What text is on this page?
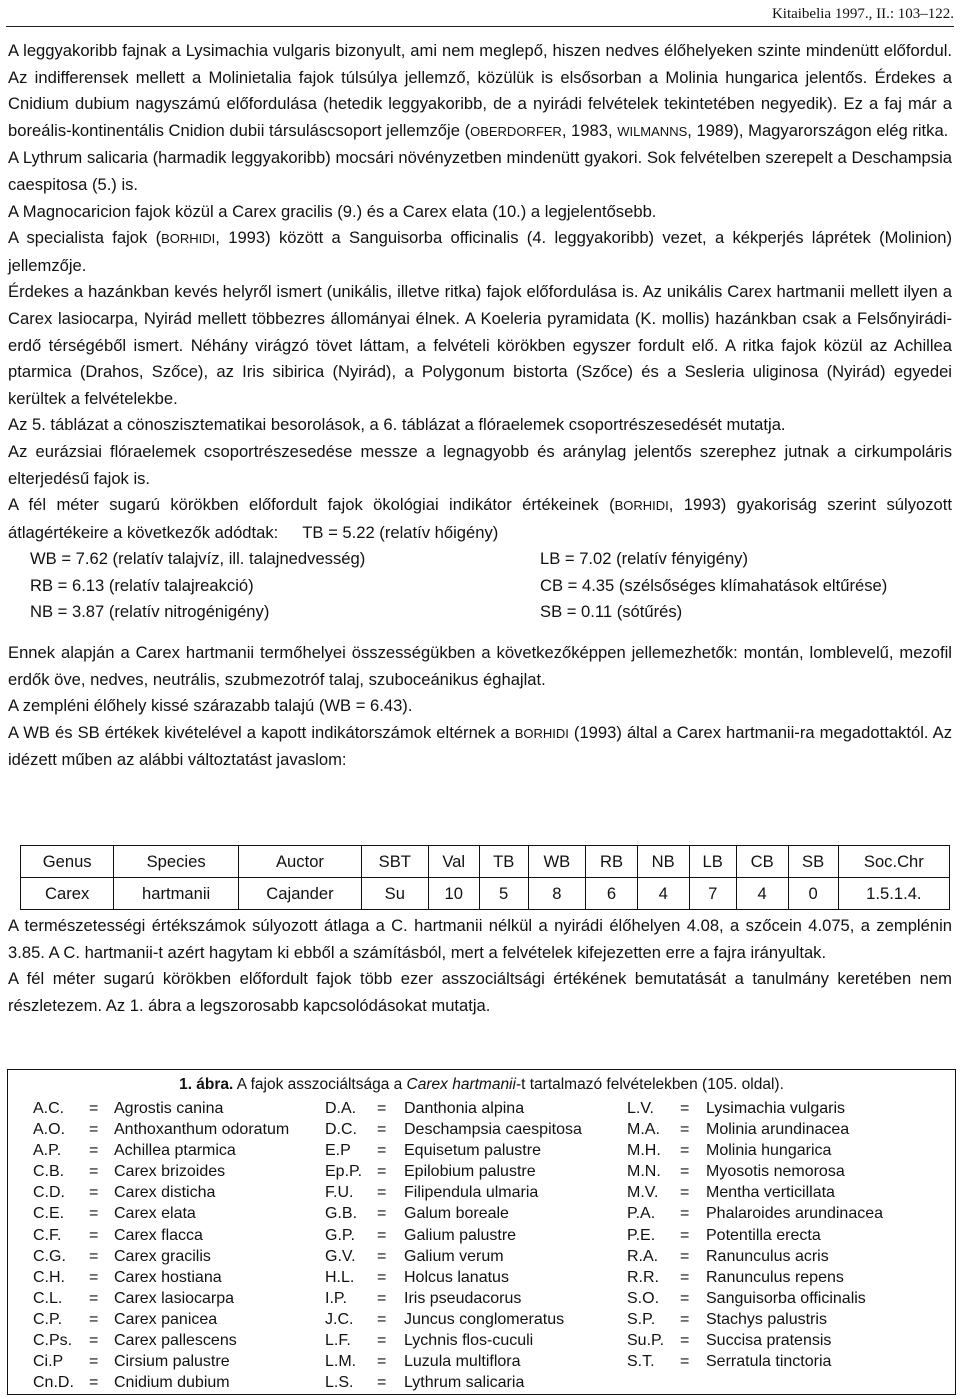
Kitaibelia 1997., II.: 103–122.

A leggyakoribb fajnak a Lysimachia vulgaris bizonyult, ami nem meglepő, hiszen nedves élőhelyeken szinte mindenütt előfordul. Az indifferensek mellett a Molinietalia fajok túlsúlya jellemző, közülük is elsősorban a Molinia hungarica jelentős. Érdekes a Cnidium dubium nagyszámú előfordulása (hetedik leggyakoribb, de a nyirádi felvételek tekintetében negyedik). Ez a faj már a boreális-kontinentális Cnidion dubii társuláscsoport jellemzője (OBERDORFER, 1983, WILMANNS, 1989), Magyarországon elég ritka.

A Lythrum salicaria (harmadik leggyakoribb) mocsári növényzetben mindenütt gyakori. Sok felvételben szerepelt a Deschampsia caespitosa (5.) is.

A Magnocaricion fajok közül a Carex gracilis (9.) és a Carex elata (10.) a legjelentősebb.

A specialista fajok (BORHIDI, 1993) között a Sanguisorba officinalis (4. leggyakoribb) vezet, a kékperjés láprétek (Molinion) jellemzője.

Érdekes a hazánkban kevés helyről ismert (unikális, illetve ritka) fajok előfordulása is. Az unikális Carex hartmanii mellett ilyen a Carex lasiocarpa, Nyirád mellett többezres állományai élnek. A Koeleria pyramidata (K. mollis) hazánkban csak a Felsőnyirádi-erdő térségéből ismert. Néhány virágzó tövet láttam, a felvételi körökben egyszer fordult elő. A ritka fajok közül az Achillea ptarmica (Drahos, Szőce), az Iris sibirica (Nyirád), a Polygonum bistorta (Szőce) és a Sesleria uliginosa (Nyirád) egyedei kerültek a felvételekbe.

Az 5. táblázat a cönoszisztematikai besorolások, a 6. táblázat a flóraelemek csoportrészesedését mutatja.

Az eurázsiai flóraelemek csoportrészesedése messze a legnagyobb és aránylag jelentős szerephez jutnak a cirkumpoláris elterjedésű fajok is.

A fél méter sugarú körökben előfordult fajok ökológiai indikátor értékeinek (BORHIDI, 1993) gyakoriság szerint súlyozott átlagértékeire a következők adódtak: TB = 5.22 (relatív hőigény)

WB = 7.62 (relatív talajvíz, ill. talajnedvesség)	LB = 7.02 (relatív fényigény)
RB = 6.13 (relatív talajreakció)	CB = 4.35 (szélsőséges klímahatások eltűrése)
NB = 3.87 (relatív nitrogénigény)	SB = 0.11 (sótűrés)

Ennek alapján a Carex hartmanii termőhelyei összességükben a következőképpen jellemezhetők: montán, lomblevelű, mezofil erdők öve, nedves, neutrális, szubmezotróf talaj, szuboceánikus éghajlat.

A zempléni élőhely kissé szárazabb talajú (WB = 6.43).

A WB és SB értékek kivételével a kapott indikátorszámok eltérnek a BORHIDI (1993) által a Carex hartmanii-ra megadottaktól. Az idézett műben az alábbi változtatást javaslom:

Genus	Species	Auctor	SBT	Val	TB	WB	RB	NB	LB	CB	SB	Soc.Chr
Carex	hartmanii	Cajander	Su	10	5	8	6	4	7	4	0	1.5.1.4.

A természetességi értékszámok súlyozott átlaga a C. hartmanii nélkül a nyirádi élőhelyen 4.08, a szőcein 4.075, a zemplénin 3.85. A C. hartmanii-t azért hagytam ki ebből a számításból, mert a felvételek kifejezetten erre a fajra irányultak.

A fél méter sugarú körökben előfordult fajok több ezer asszociáltsági értékének bemutatását a tanulmány keretében nem részletezem. Az 1. ábra a legszorosabb kapcsolódásokat mutatja.

1. ábra. A fajok asszociáltsága a Carex hartmanii-t tartalmazó felvételekben (105. oldal).
A.C. = Agrostis canina	D.A. = Danthonia alpina	L.V. = Lysimachia vulgaris
A.O. = Anthoxanthum odoratum D.C. = Deschampsia caespitosa	M.A. = Molinia arundinacea
A.P. = Achillea ptarmica	E.P = Equisetum palustre	M.H. = Molinia hungarica
C.B. = Carex brizoides	Ep.P. = Epilobium palustre	M.N. = Myosotis nemorosa
C.D. = Carex disticha	F.U. = Filipendula ulmaria	M.V. = Mentha verticillata
C.E. = Carex elata	G.B. = Galum boreale	P.A. = Phalaroides arundinacea
C.F. = Carex flacca	G.P. = Galium palustre	P.E. = Potentilla erecta
C.G. = Carex gracilis	G.V. = Galium verum	R.A. = Ranunculus acris
C.H. = Carex hostiana	H.L. = Holcus lanatus	R.R. = Ranunculus repens
C.L. = Carex lasiocarpa	I.P. = Iris pseudacorus	S.O. = Sanguisorba officinalis
C.P. = Carex panicea	J.C. = Juncus conglomeratus	S.P. = Stachys palustris
C.Ps. = Carex pallescens	L.F. = Lychnis flos-cuculi	Su.P. = Succisa pratensis
Ci.P = Cirsium palustre	L.M. = Luzula multiflora	S.T. = Serratula tinctoria
Cn.D. = Cnidium dubium	L.S. = Lythrum salicaria
